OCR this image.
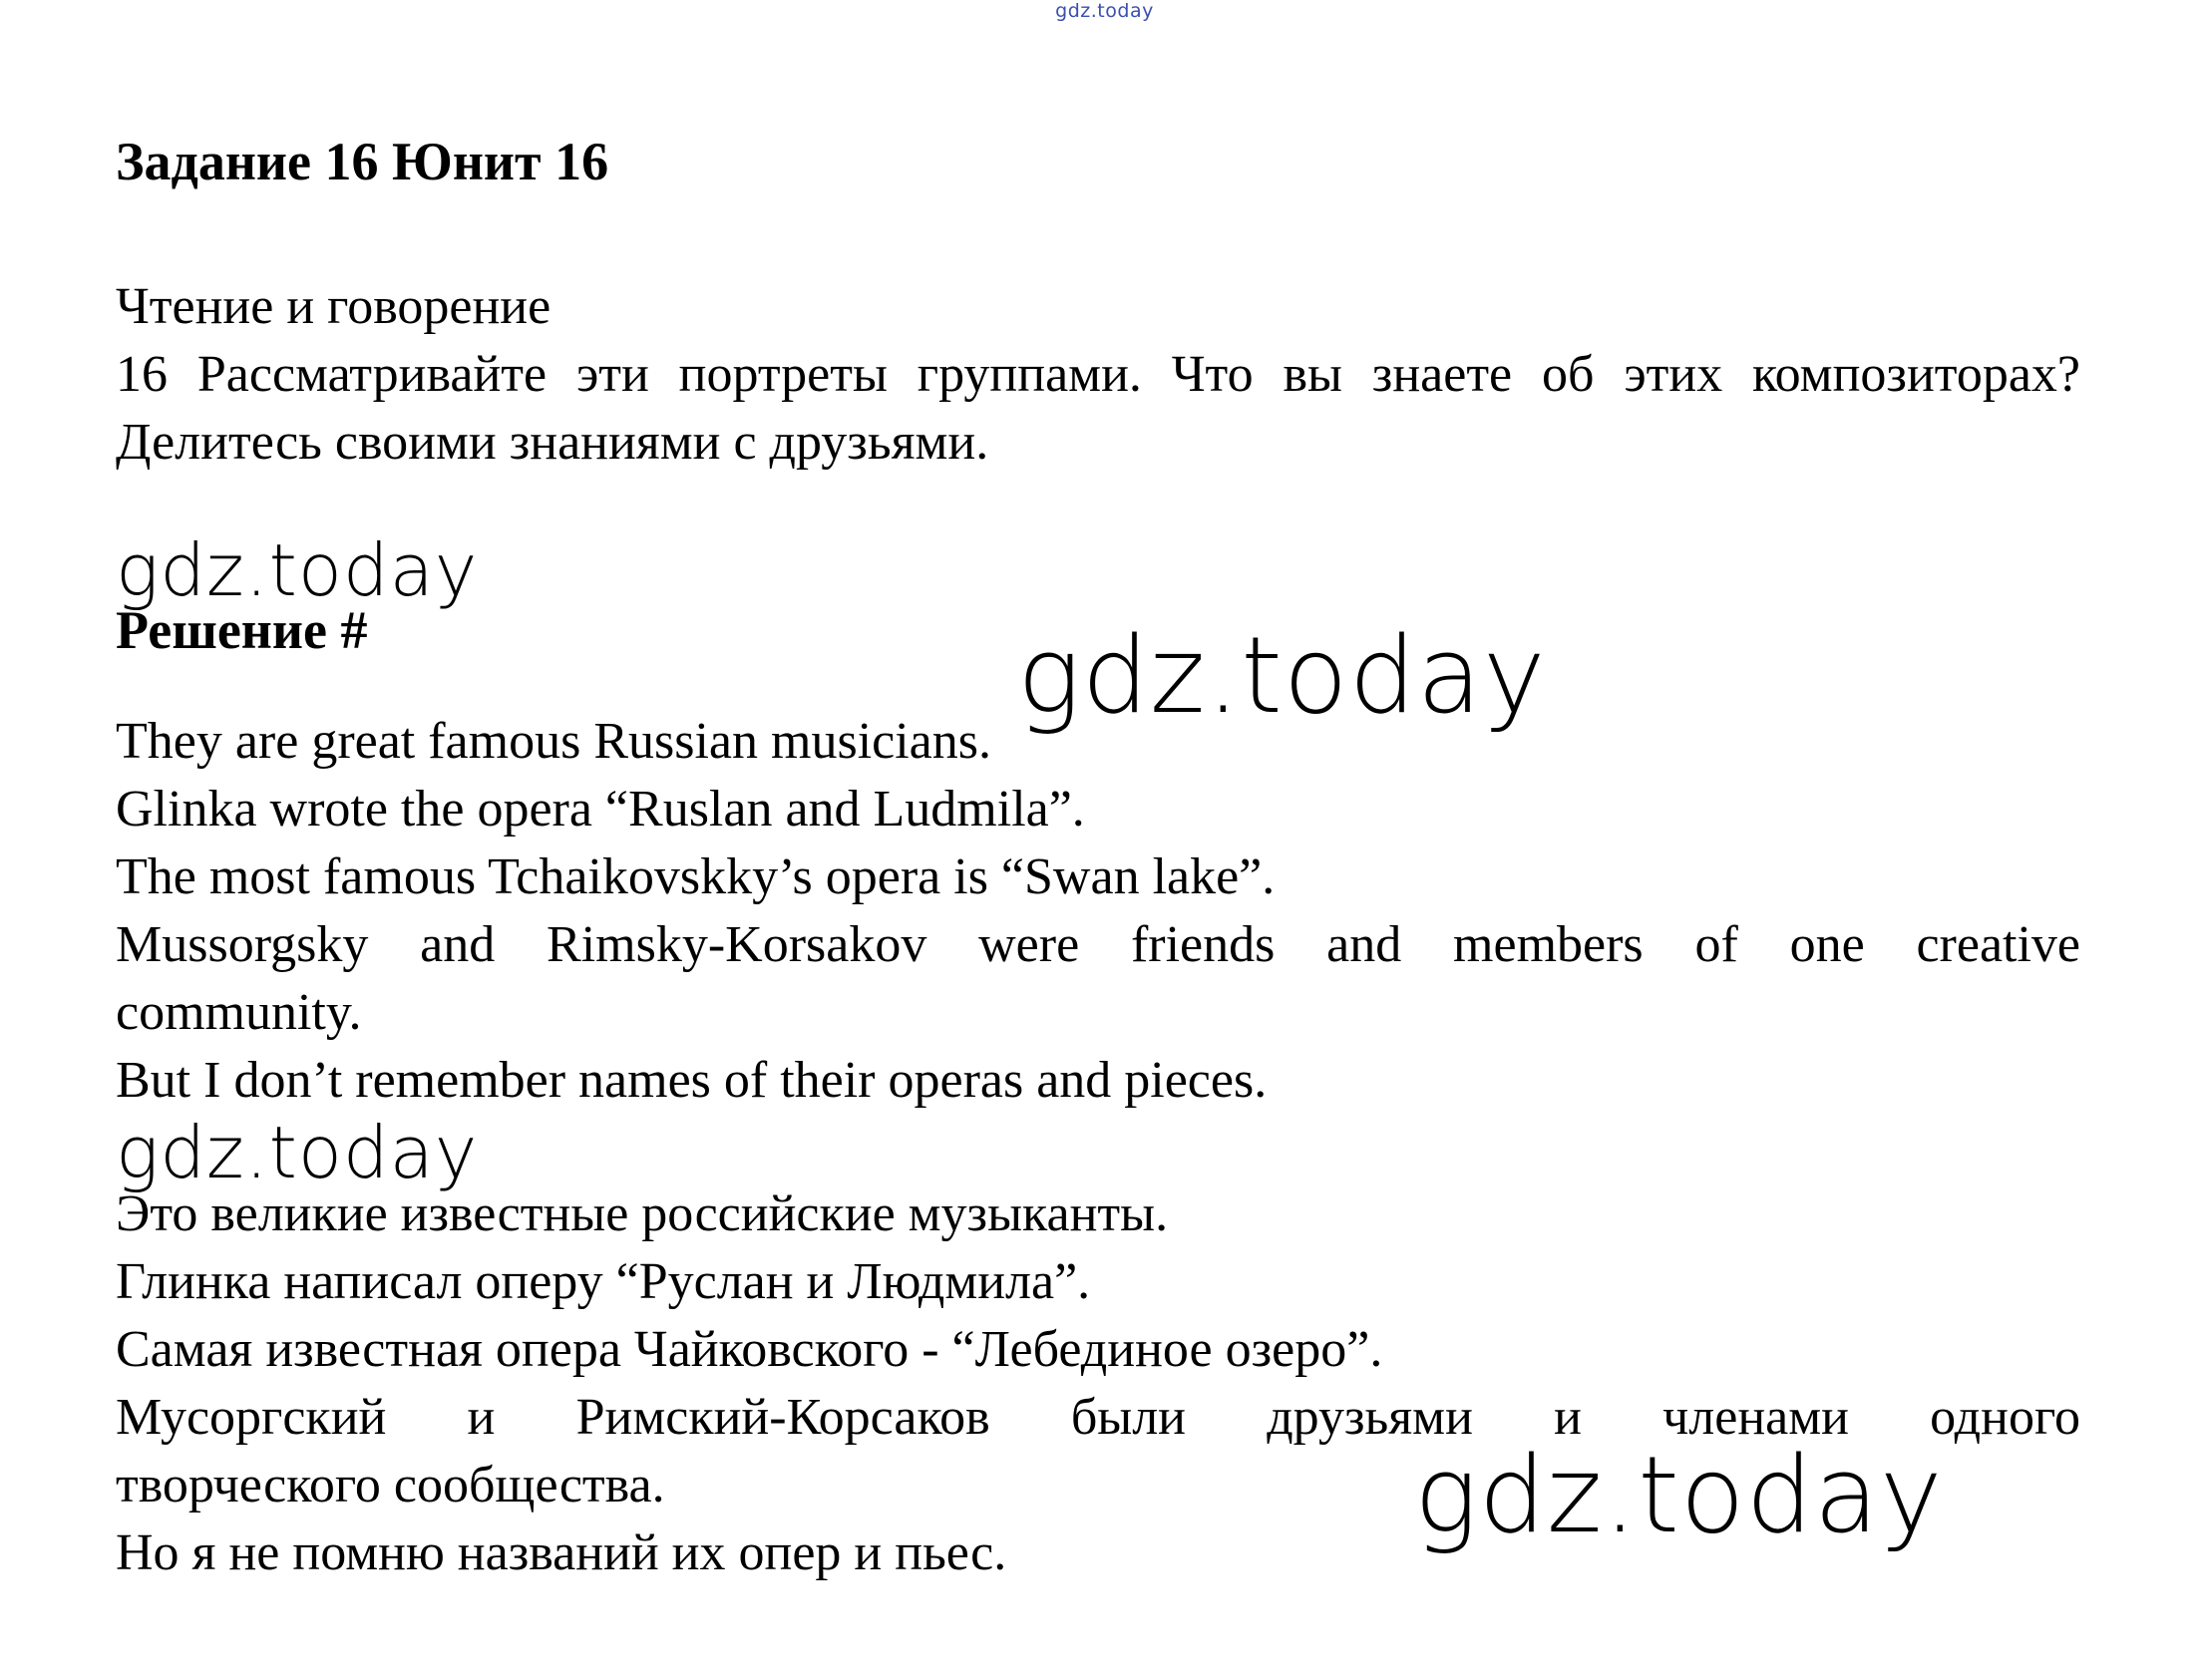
gdz.today
Задание 16 Юнит 16
Чтение и говорение
16 Рассматривайте эти портреты группами. Что вы знаете об этих композиторах? Делитесь своими знаниями с друзьями.
gdz.today
Решение #	gdz.today
They are great famous Russian musicians.
Glinka wrote the opera “Ruslan and Ludmila”.
The most famous Tchaikovskky’s opera is “Swan lake”.
Mussorgsky and Rimsky-Korsakov were friends and members of one creative
community.
But I don’t remember names of their operas and pieces.
gdz.today
Это великие известные российские музыканты.
Глинка написал оперу “Руслан и Людмила”.
Самая известная опера Чайковского - “Лебединое озеро”.
Мусоргский и Римский-Корсаков были друзьями и членами одного
творческого сообщества.
Но я не помню названий их опер и пьес.	gdz.today
